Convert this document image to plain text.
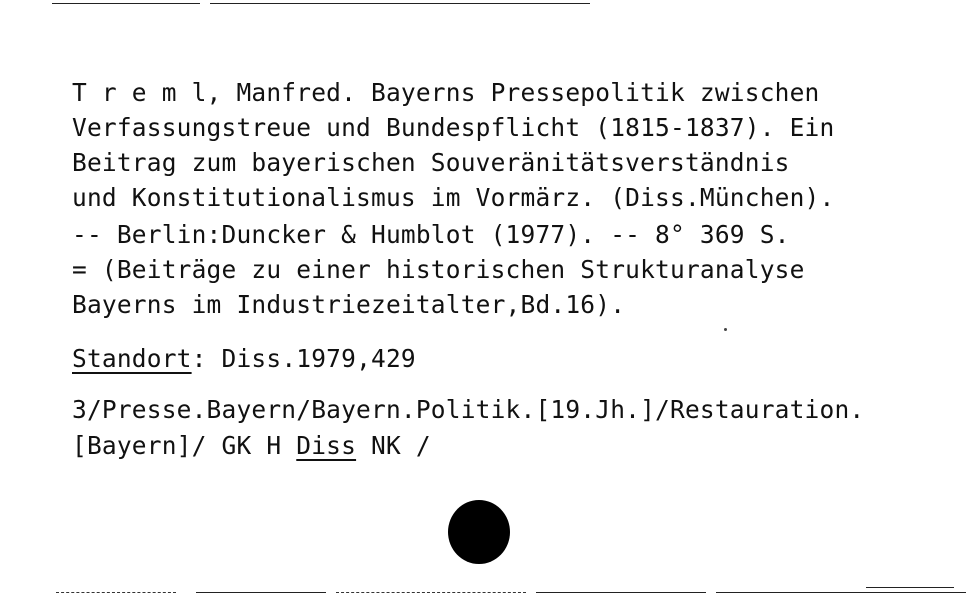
T r e m l, Manfred. Bayerns Pressepolitik zwischen
Verfassungstreue und Bundespflicht (1815-1837). Ein
Beitrag zum bayerischen Souveränitätsverständnis
und Konstitutionalismus im Vormärz. (Diss.München).
-- Berlin:Duncker & Humblot (1977). -- 8° 369 S.
= (Beiträge zu einer historischen Strukturanalyse
Bayerns im Industriezeitalter,Bd.16).
Standort: Diss.1979,429
3/Presse.Bayern/Bayern.Politik.[19.Jh.]/Restauration.
[Bayern]/ GK H Diss NK /
